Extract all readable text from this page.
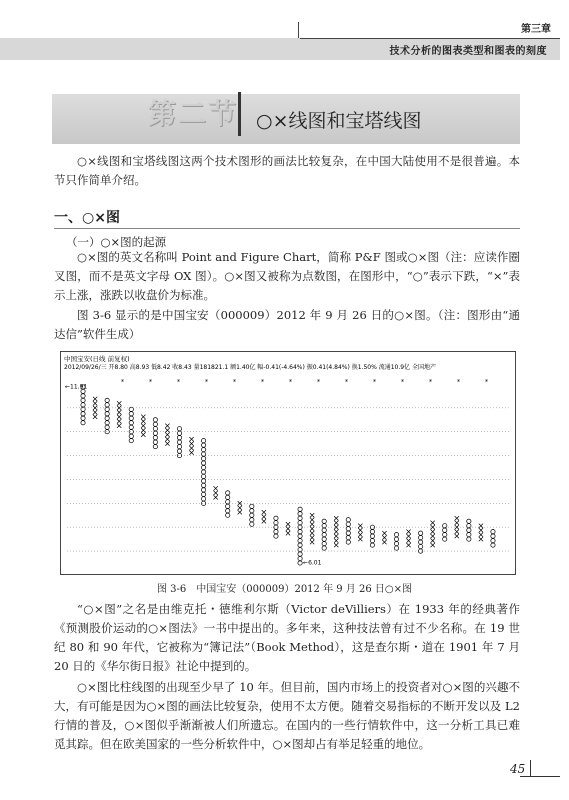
第三章
技术分析的图表类型和图表的刻度
第二节 ○×线图和宝塔线图
○×线图和宝塔线图这两个技术图形的画法比较复杂，在中国大陆使用不是很普遍。本节只作简单介绍。
一、○×图
（一）○×图的起源
○×图的英文名称叫 Point and Figure Chart，简称 P&F 图或○×图（注：应读作圈叉图，而不是英文字母 OX 图）。○×图又被称为点数图，在图形中，“○”表示下跌，“×”表示上涨，涨跌以收盘价为标准。
图 3-6 显示的是中国宝安（000009）2012 年 9 月 26 日的○×图。（注：图形由“通达信”软件生成）
中国宝安(日线 前复权)
2012/09/26/三 开8.80 高8.93 低8.42 收8.43 量181821.1 额1.40亿 幅-0.41(-4.64%) 振0.41(4.84%) 换1.50% 流通10.9亿 全国地产
*	*	*	*	*	*	*	*	*	*	*	*	*	*
←11.91
←6.01
图 3-6　中国宝安（000009）2012 年 9 月 26 日○×图
“○×图”之名是由维克托・德维利尔斯（Victor deVilliers）在 1933 年的经典著作《预测股价运动的○×图法》一书中提出的。多年来，这种技法曾有过不少名称。在 19 世纪 80 和 90 年代，它被称为“簿记法”（Book Method），这是查尔斯・道在 1901 年 7 月 20 日的《华尔街日报》社论中提到的。
○×图比柱线图的出现至少早了 10 年。但目前，国内市场上的投资者对○×图的兴趣不大，有可能是因为○×图的画法比较复杂，使用不太方便。随着交易指标的不断开发以及 L2 行情的普及，○×图似乎渐渐被人们所遗忘。在国内的一些行情软件中，这一分析工具已难觅其踪。但在欧美国家的一些分析软件中，○×图却占有举足轻重的地位。
45
